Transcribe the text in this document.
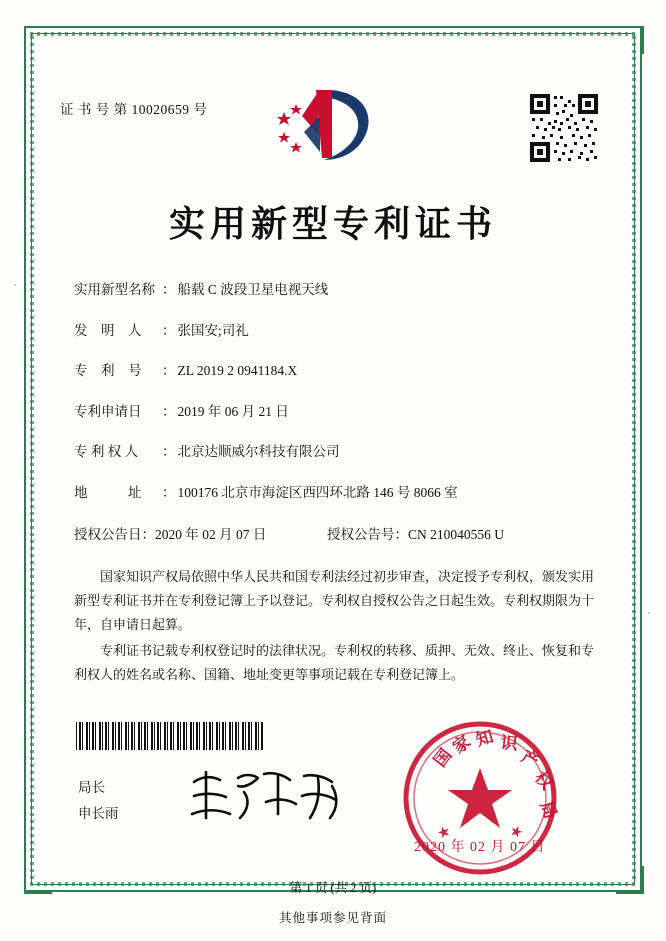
证 书 号 第 10020659 号
实用新型专利证书
实用新型名称 ： 船载 C 波段卫星电视天线
发　明　人 ： 张国安;司礼
专　利　号 ： ZL 2019 2 0941184.X
专利申请日 ： 2019 年 06 月 21 日
专 利 权 人 ： 北京达顺威尔科技有限公司
地　　　址 ： 100176 北京市海淀区西四环北路 146 号 8066 室
授权公告日：2020 年 02 月 07 日	授权公告号：CN 210040556 U

国家知识产权局依照中华人民共和国专利法经过初步审查，决定授予专利权，颁发实用新型专利证书并在专利登记簿上予以登记。专利权自授权公告之日起生效。专利权期限为十年，自申请日起算。

专利证书记载专利权登记时的法律状况。专利权的转移、质押、无效、终止、恢复和专利权人的姓名或名称、国籍、地址变更等事项记载在专利登记簿上。

局长
申长雨
国
家 知 识
产
权
局
★	★
2020 年 02 月 07 日
第 1 页 (共 2 页)
其他事项参见背面
